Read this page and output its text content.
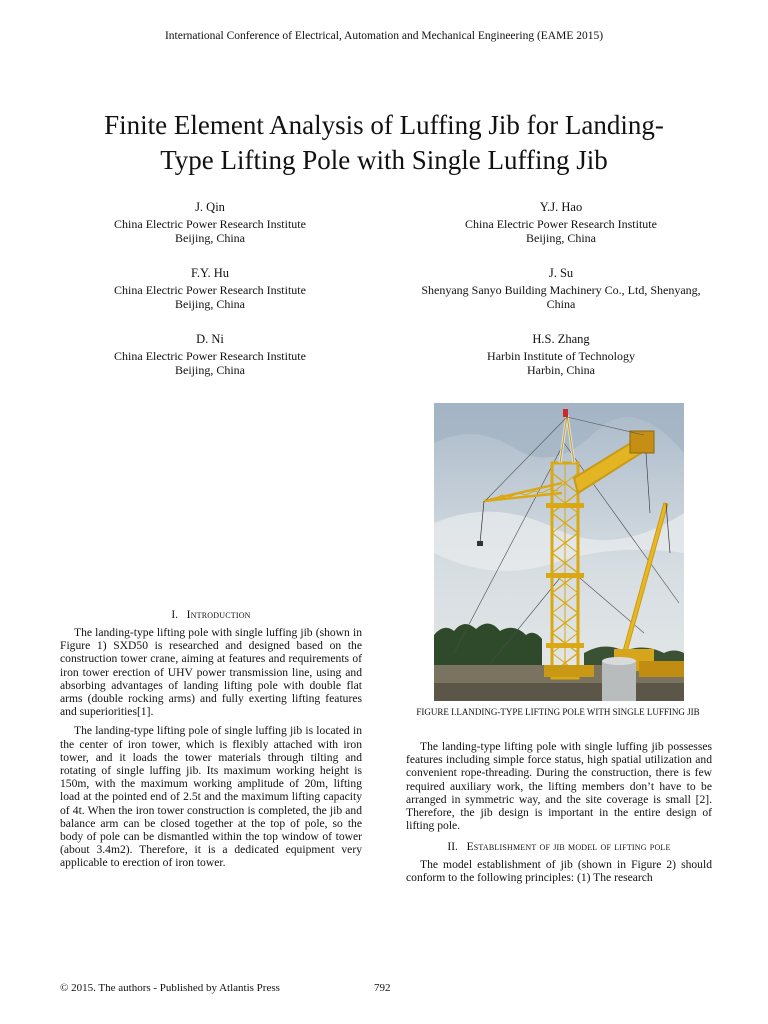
International Conference of Electrical, Automation and Mechanical Engineering (EAME 2015)
Finite Element Analysis of Luffing Jib for Landing-
Type Lifting Pole with Single Luffing Jib
J. Qin
China Electric Power Research Institute
Beijing, China
Y.J. Hao
China Electric Power Research Institute
Beijing, China
F.Y. Hu
China Electric Power Research Institute
Beijing, China
J. Su
Shenyang Sanyo Building Machinery Co., Ltd, Shenyang,
China
D. Ni
China Electric Power Research Institute
Beijing, China
H.S. Zhang
Harbin Institute of Technology
Harbin, China
FIGURE I.LANDING-TYPE LIFTING POLE WITH SINGLE LUFFING JIB
I. Introduction

The landing-type lifting pole with single luffing jib (shown in Figure 1) SXD50 is researched and designed based on the construction tower crane, aiming at features and requirements of iron tower erection of UHV power transmission line, using and absorbing advantages of landing lifting pole with double flat arms (double rocking arms) and fully exerting lifting features and superiorities[1].

The landing-type lifting pole of single luffing jib is located in the center of iron tower, which is flexibly attached with iron tower, and it loads the tower materials through tilting and rotating of single luffing jib. Its maximum working height is 150m, with the maximum working amplitude of 20m, lifting load at the pointed end of 2.5t and the maximum lifting capacity of 4t. When the iron tower construction is completed, the jib and balance arm can be closed together at the top of pole, so the body of pole can be dismantled within the top window of tower (about 3.4m2). Therefore, it is a dedicated equipment very applicable to erection of iron tower.

The landing-type lifting pole with single luffing jib possesses features including simple force status, high spatial utilization and convenient rope-threading. During the construction, there is few required auxiliary work, the lifting members don’t have to be arranged in symmetric way, and the site coverage is small [2]. Therefore, the jib design is important in the entire design of lifting pole.

II. Establishment of jib model of lifting pole

The model establishment of jib (shown in Figure 2) should conform to the following principles: (1) The research

© 2015. The authors - Published by Atlantis Press	792
